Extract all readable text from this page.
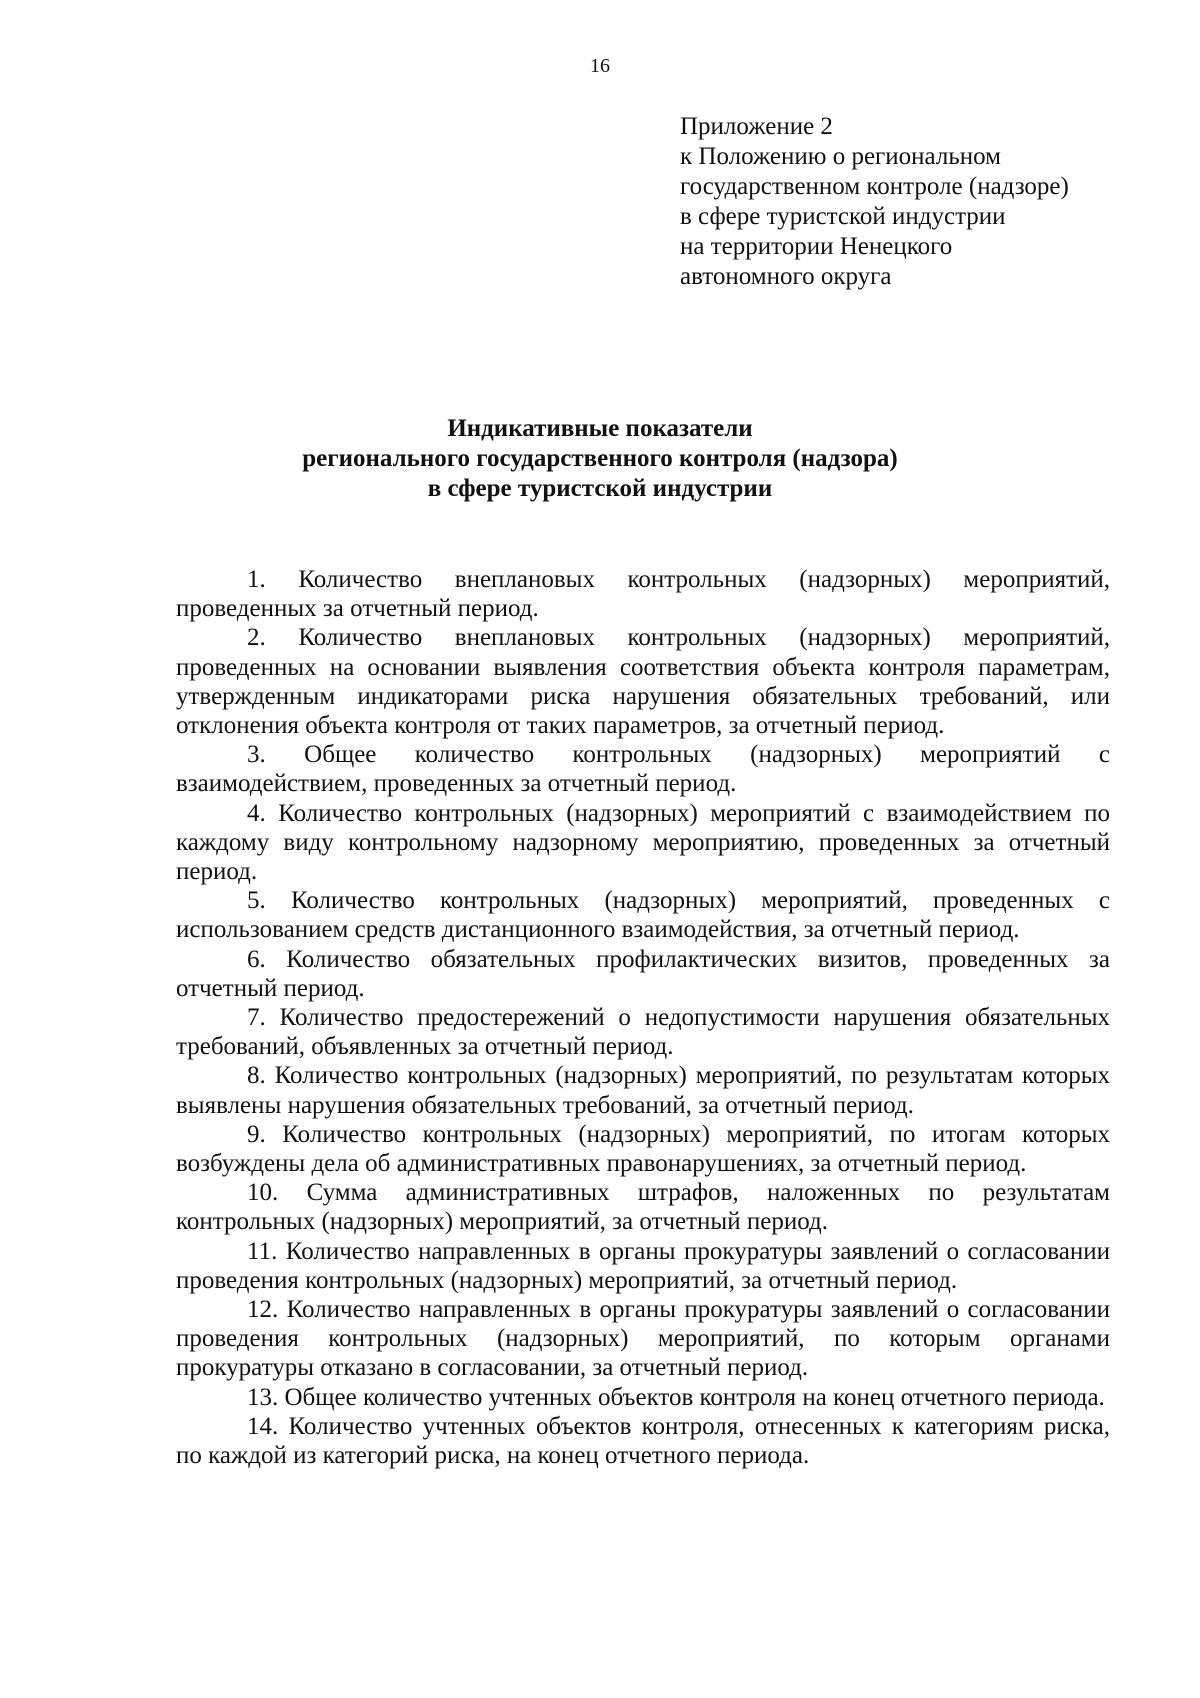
16
Приложение 2
к Положению о региональном
государственном контроле (надзоре)
в сфере туристской индустрии
на территории Ненецкого
автономного округа
Индикативные показатели
регионального государственного контроля (надзора)
в сфере туристской индустрии

1. Количество внеплановых контрольных (надзорных) мероприятий, проведенных за отчетный период.

2. Количество внеплановых контрольных (надзорных) мероприятий, проведенных на основании выявления соответствия объекта контроля параметрам, утвержденным индикаторами риска нарушения обязательных требований, или отклонения объекта контроля от таких параметров, за отчетный период.

3. Общее количество контрольных (надзорных) мероприятий с взаимодействием, проведенных за отчетный период.

4. Количество контрольных (надзорных) мероприятий с взаимодействием по каждому виду контрольному надзорному мероприятию, проведенных за отчетный период.

5. Количество контрольных (надзорных) мероприятий, проведенных с использованием средств дистанционного взаимодействия, за отчетный период.

6. Количество обязательных профилактических визитов, проведенных за отчетный период.

7. Количество предостережений о недопустимости нарушения обязательных требований, объявленных за отчетный период.

8. Количество контрольных (надзорных) мероприятий, по результатам которых выявлены нарушения обязательных требований, за отчетный период.

9. Количество контрольных (надзорных) мероприятий, по итогам которых возбуждены дела об административных правонарушениях, за отчетный период.

10. Сумма административных штрафов, наложенных по результатам контрольных (надзорных) мероприятий, за отчетный период.

11. Количество направленных в органы прокуратуры заявлений о согласовании проведения контрольных (надзорных) мероприятий, за отчетный период.

12. Количество направленных в органы прокуратуры заявлений о согласовании проведения контрольных (надзорных) мероприятий, по которым органами прокуратуры отказано в согласовании, за отчетный период.

13. Общее количество учтенных объектов контроля на конец отчетного периода.

14. Количество учтенных объектов контроля, отнесенных к категориям риска, по каждой из категорий риска, на конец отчетного периода.
